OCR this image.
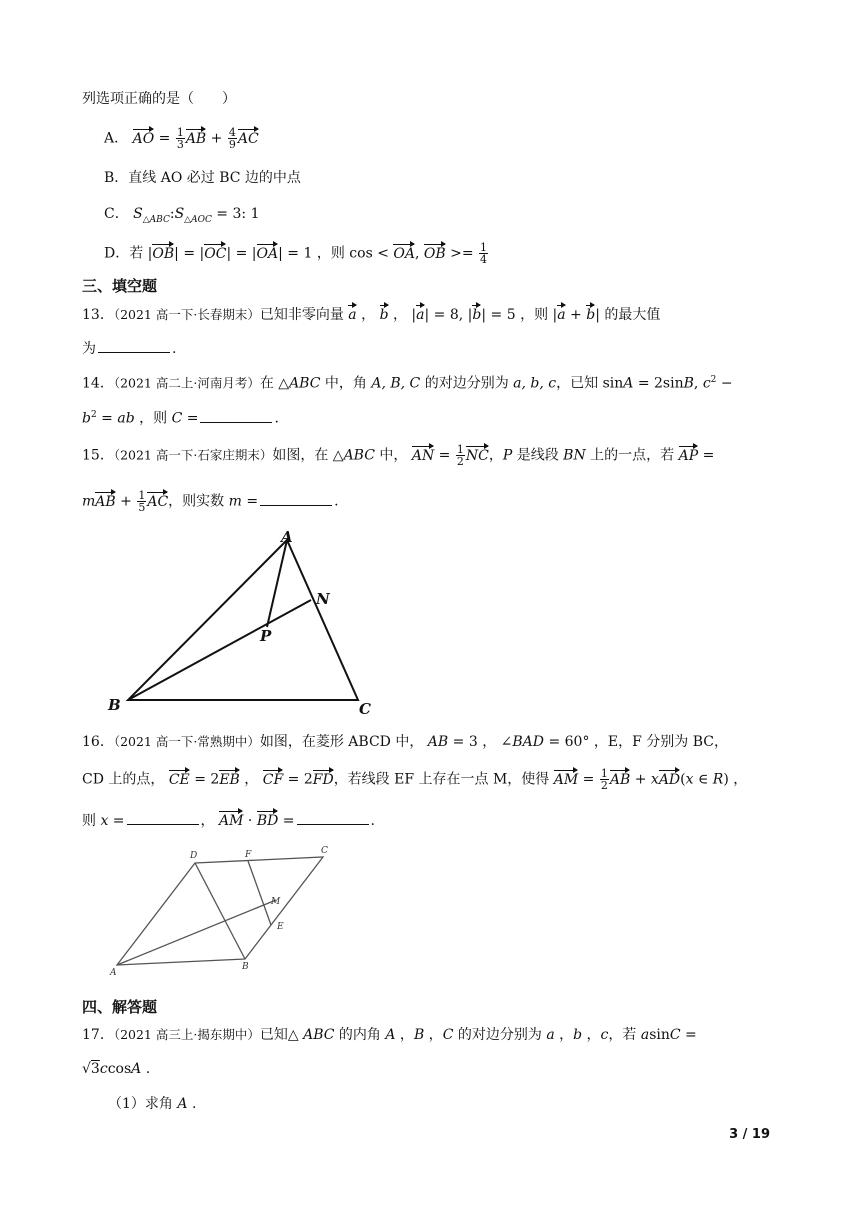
列选项正确的是（　　）
A． AO = $\frac{1}{3}$ AB + $\frac{4}{9}$ AC
B．直线 AO 必过 BC 边的中点
C． $S_{\triangle ABC}:S_{\triangle AOC} = 3$: 1
D．若 |OB| = |OC| = |OA| = 1 ，则 cos < OA, OB >= $\frac{1}{4}$
三、填空题
13．（2021 高一下·长春期末）已知非零向量 a ， b ， |a| = 8, |b| = 5 ，则 |a + b| 的最大值
为	.
14．（2021 高二上·河南月考）在 △ABC 中，角 A, B, C 的对边分别为 a, b, c，已知 sinA = 2sinB, $c^2$ −
$b^2$ = ab ，则 C =	.
15．（2021 高一下·石家庄期末）如图，在 △ABC 中， AN = $\frac{1}{2}$ NC，P 是线段 BN 上的一点，若 AP =
mAB + $\frac{1}{5}$ AC，则实数 m =	.
A
B	C
N
P
16．（2021 高一下·常熟期中）如图，在菱形 ABCD 中， AB = 3 ， ∠BAD = 60° ，E，F 分别为 BC，
CD 上的点， CE = 2EB ， CF = 2FD，若线段 EF 上存在一点 M，使得 AM = $\frac{1}{2}$ AB + xAD(x ∈ R) ，
则 x =	， AM · BD =	.
A
B
C
D
E
F
M
四、解答题
17．（2021 高三上·揭东期中）已知△ ABC 的内角 A ，B ，C 的对边分别为 a ，b ，c，若 asinC =
√3ccosA .
（1）求角 A .
3 / 19
